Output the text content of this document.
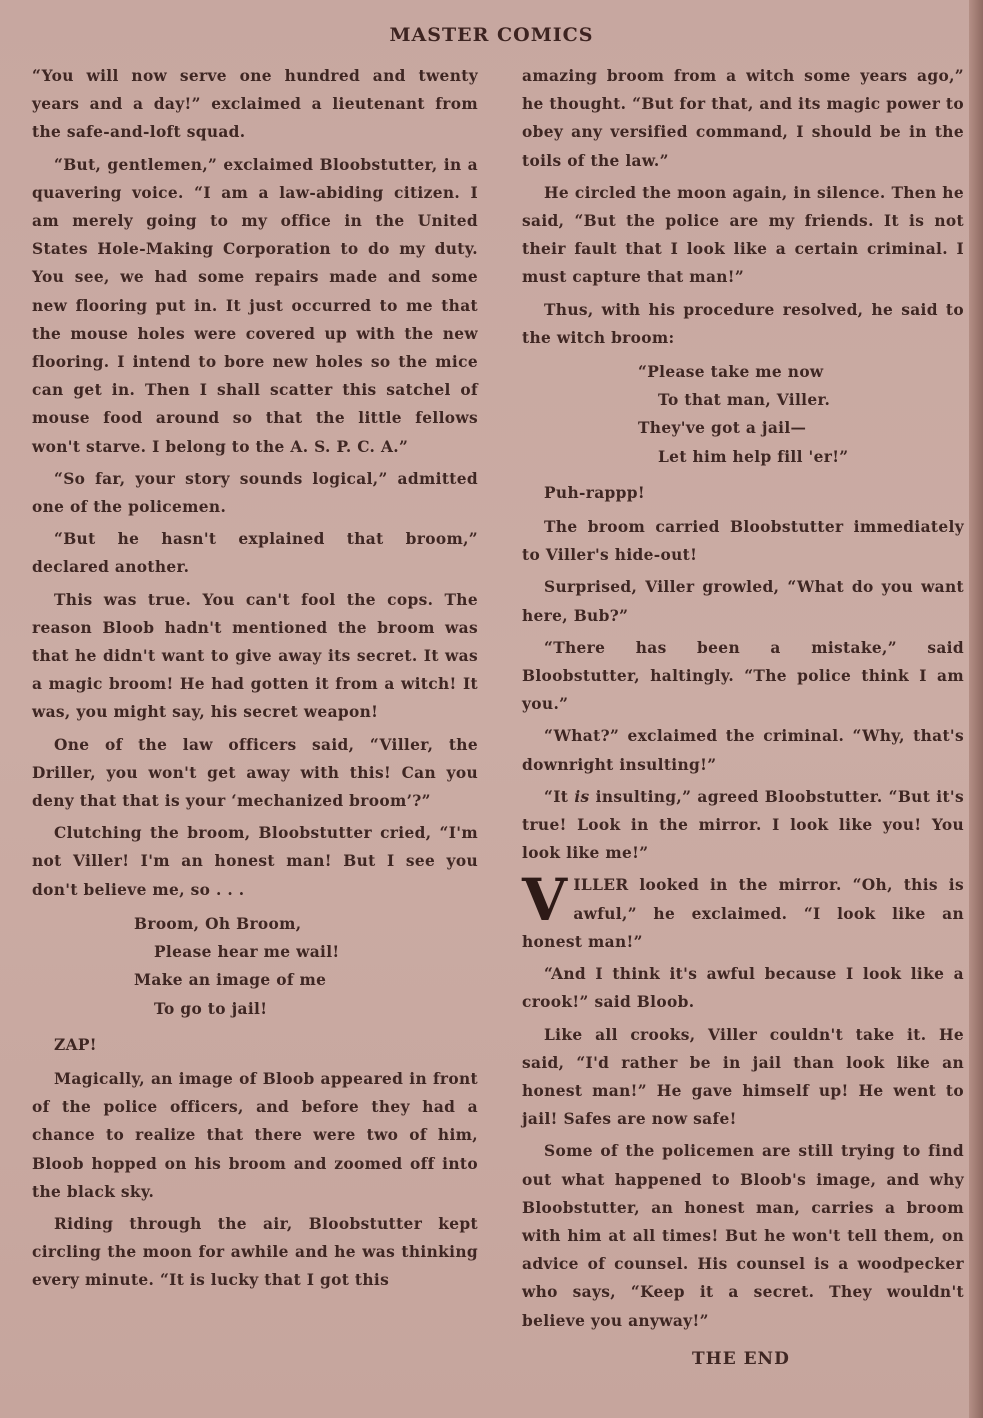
MASTER COMICS

“You will now serve one hundred and twenty years and a day!” exclaimed a lieutenant from the safe-and-loft squad.

“But, gentlemen,” exclaimed Bloobstutter, in a quavering voice. “I am a law-abiding citizen. I am merely going to my office in the United States Hole-Making Corporation to do my duty. You see, we had some repairs made and some new flooring put in. It just occurred to me that the mouse holes were covered up with the new flooring. I intend to bore new holes so the mice can get in. Then I shall scatter this satchel of mouse food around so that the little fellows won't starve. I belong to the A. S. P. C. A.”

“So far, your story sounds logical,” admitted one of the policemen.

“But he hasn't explained that broom,” declared another.

This was true. You can't fool the cops. The reason Bloob hadn't mentioned the broom was that he didn't want to give away its secret. It was a magic broom! He had gotten it from a witch! It was, you might say, his secret weapon!

One of the law officers said, “Viller, the Driller, you won't get away with this! Can you deny that that is your ‘mechanized broom’?”

Clutching the broom, Bloobstutter cried, “I'm not Viller! I'm an honest man! But I see you don't believe me, so . . .

Broom, Oh Broom,
Please hear me wail!
Make an image of me
To go to jail!
ZAP!

Magically, an image of Bloob appeared in front of the police officers, and before they had a chance to realize that there were two of him, Bloob hopped on his broom and zoomed off into the black sky.

Riding through the air, Bloobstutter kept circling the moon for awhile and he was thinking every minute. “It is lucky that I got this

amazing broom from a witch some years ago,” he thought. “But for that, and its magic power to obey any versified command, I should be in the toils of the law.”

He circled the moon again, in silence. Then he said, “But the police are my friends. It is not their fault that I look like a certain criminal. I must capture that man!”

Thus, with his procedure resolved, he said to the witch broom:

“Please take me now
To that man, Viller.
They've got a jail—
Let him help fill 'er!”
Puh-rappp!

The broom carried Bloobstutter immediately to Viller's hide-out!

Surprised, Viller growled, “What do you want here, Bub?”

“There has been a mistake,” said Bloobstutter, haltingly. “The police think I am you.”

“What?” exclaimed the criminal. “Why, that's downright insulting!”

“It is insulting,” agreed Bloobstutter. “But it's true! Look in the mirror. I look like you! You look like me!”

VILLER looked in the mirror. “Oh, this is awful,” he exclaimed. “I look like an honest man!”

“And I think it's awful because I look like a crook!” said Bloob.

Like all crooks, Viller couldn't take it. He said, “I'd rather be in jail than look like an honest man!” He gave himself up! He went to jail! Safes are now safe!

Some of the policemen are still trying to find out what happened to Bloob's image, and why Bloobstutter, an honest man, carries a broom with him at all times! But he won't tell them, on advice of counsel. His counsel is a woodpecker who says, “Keep it a secret. They wouldn't believe you anyway!”

THE END
